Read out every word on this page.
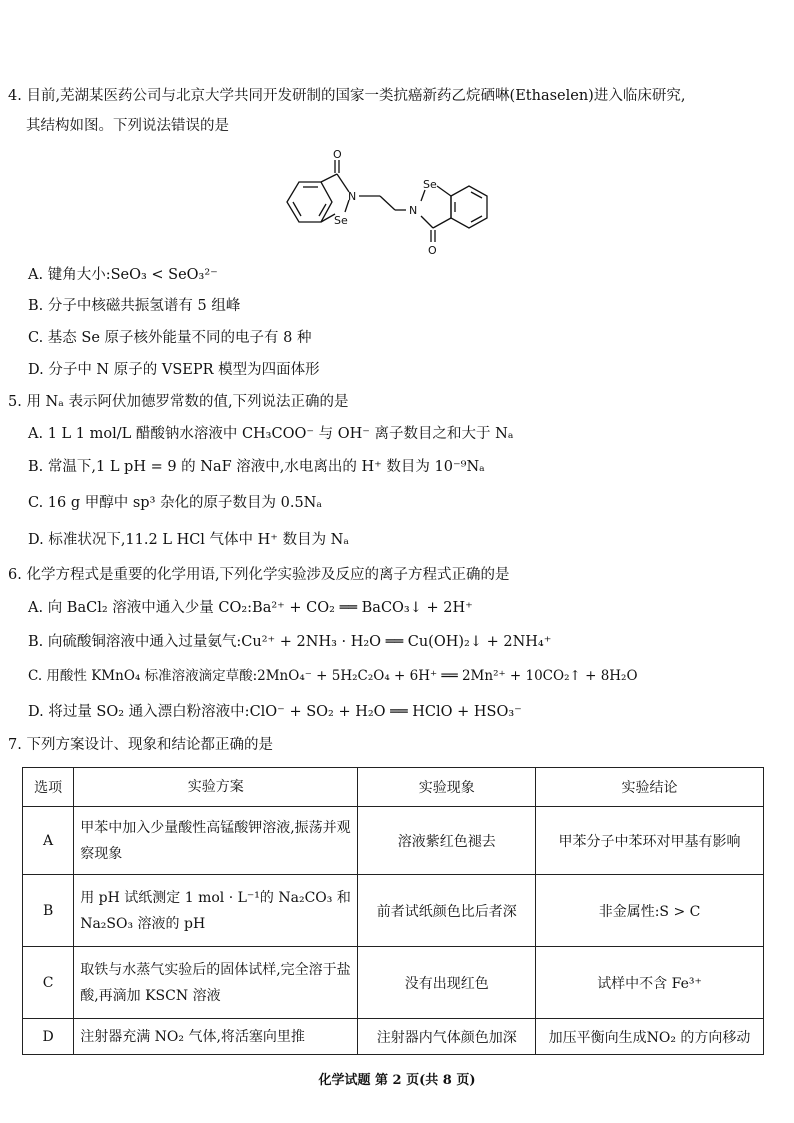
4. 目前,芜湖某医药公司与北京大学共同开发研制的国家一类抗癌新药乙烷硒啉(Ethaselen)进入临床研究,
其结构如图。下列说法错误的是
O
N
Se
Se
N
O
A. 键角大小:SeO₃ < SeO₃²⁻
B. 分子中核磁共振氢谱有 5 组峰
C. 基态 Se 原子核外能量不同的电子有 8 种
D. 分子中 N 原子的 VSEPR 模型为四面体形
5. 用 Nₐ 表示阿伏加德罗常数的值,下列说法正确的是
A. 1 L 1 mol/L 醋酸钠水溶液中 CH₃COO⁻ 与 OH⁻ 离子数目之和大于 Nₐ
B. 常温下,1 L pH = 9 的 NaF 溶液中,水电离出的 H⁺ 数目为 10⁻⁹Nₐ
C. 16 g 甲醇中 sp³ 杂化的原子数目为 0.5Nₐ
D. 标准状况下,11.2 L HCl 气体中 H⁺ 数目为 Nₐ
6. 化学方程式是重要的化学用语,下列化学实验涉及反应的离子方程式正确的是
A. 向 BaCl₂ 溶液中通入少量 CO₂:Ba²⁺ + CO₂ ══ BaCO₃↓ + 2H⁺
B. 向硫酸铜溶液中通入过量氨气:Cu²⁺ + 2NH₃ · H₂O ══ Cu(OH)₂↓ + 2NH₄⁺
C. 用酸性 KMnO₄ 标准溶液滴定草酸:2MnO₄⁻ + 5H₂C₂O₄ + 6H⁺ ══ 2Mn²⁺ + 10CO₂↑ + 8H₂O
D. 将过量 SO₂ 通入漂白粉溶液中:ClO⁻ + SO₂ + H₂O ══ HClO + HSO₃⁻
7. 下列方案设计、现象和结论都正确的是
选项	实验方案	实验现象	实验结论
A	甲苯中加入少量酸性高锰酸钾溶液,振荡并观察现象	溶液紫红色褪去	甲苯分子中苯环对甲基有影响
B	用 pH 试纸测定 1 mol · L⁻¹的 Na₂CO₃ 和 Na₂SO₃ 溶液的 pH	前者试纸颜色比后者深	非金属性:S > C
C	取铁与水蒸气实验后的固体试样,完全溶于盐酸,再滴加 KSCN 溶液	没有出现红色	试样中不含 Fe³⁺
D	注射器充满 NO₂ 气体,将活塞向里推	注射器内气体颜色加深	加压平衡向生成NO₂ 的方向移动
化学试题 第 2 页(共 8 页)
